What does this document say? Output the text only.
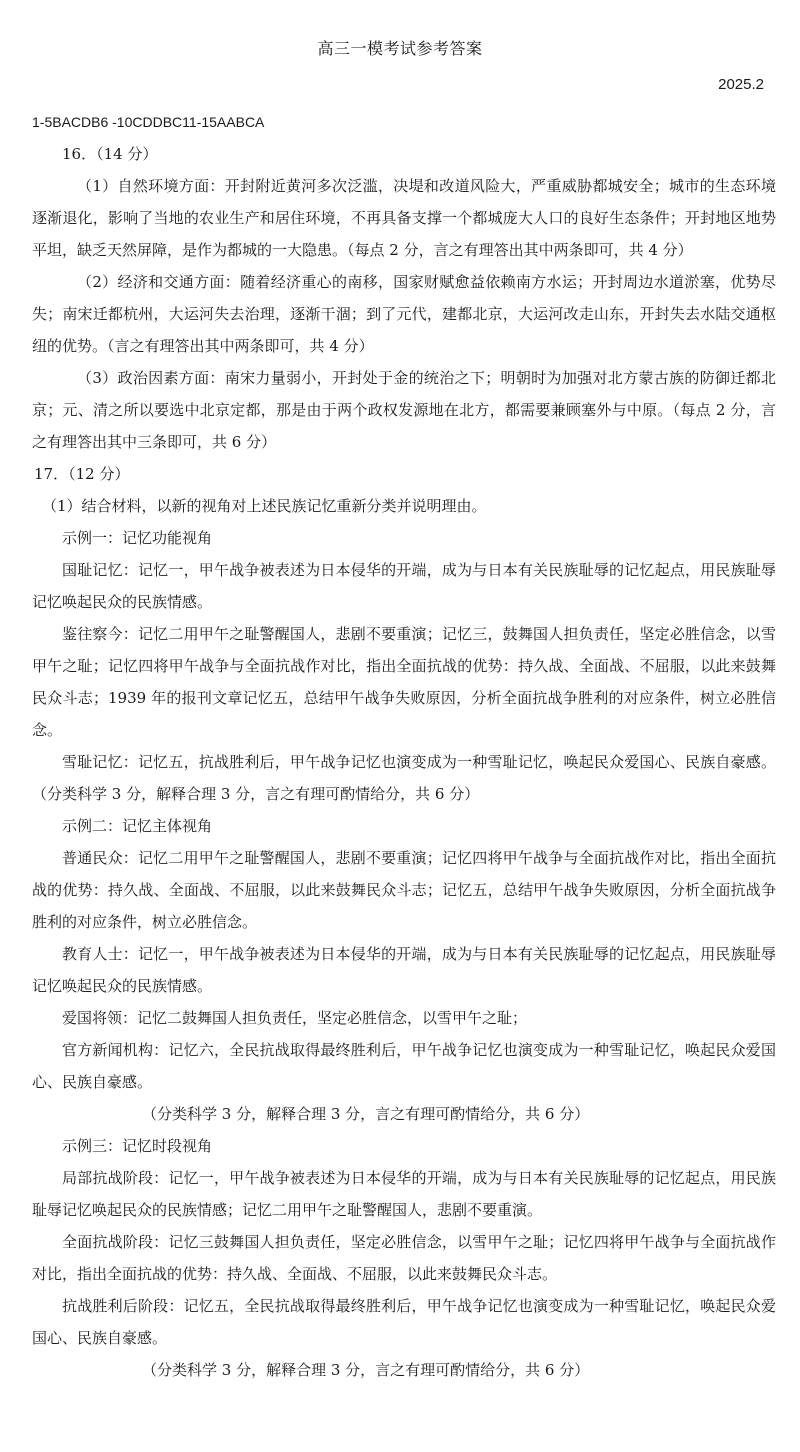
高三一模考试参考答案
2025.2

1-5BACDB6 -10CDDBC11-15AABCA

16．（14 分）

（1）自然环境方面：开封附近黄河多次泛滥，决堤和改道风险大，严重威胁都城安全；城市的生态环境逐渐退化，影响了当地的农业生产和居住环境，不再具备支撑一个都城庞大人口的良好生态条件；开封地区地势平坦，缺乏天然屏障，是作为都城的一大隐患。（每点 2 分，言之有理答出其中两条即可，共 4 分）

（2）经济和交通方面：随着经济重心的南移，国家财赋愈益依赖南方水运；开封周边水道淤塞，优势尽失；南宋迁都杭州，大运河失去治理，逐渐干涸；到了元代，建都北京，大运河改走山东，开封失去水陆交通枢纽的优势。（言之有理答出其中两条即可，共 4 分）

（3）政治因素方面：南宋力量弱小，开封处于金的统治之下；明朝时为加强对北方蒙古族的防御迁都北京；元、清之所以要选中北京定都，那是由于两个政权发源地在北方，都需要兼顾塞外与中原。（每点 2 分，言之有理答出其中三条即可，共 6 分）

17．（12 分）

（1）结合材料，以新的视角对上述民族记忆重新分类并说明理由。

示例一：记忆功能视角

国耻记忆：记忆一，甲午战争被表述为日本侵华的开端，成为与日本有关民族耻辱的记忆起点，用民族耻辱记忆唤起民众的民族情感。

鉴往察今：记忆二用甲午之耻警醒国人，悲剧不要重演；记忆三，鼓舞国人担负责任，坚定必胜信念，以雪甲午之耻；记忆四将甲午战争与全面抗战作对比，指出全面抗战的优势：持久战、全面战、不屈服，以此来鼓舞民众斗志；1939 年的报刊文章记忆五，总结甲午战争失败原因，分析全面抗战争胜利的对应条件，树立必胜信念。

雪耻记忆：记忆五，抗战胜利后，甲午战争记忆也演变成为一种雪耻记忆，唤起民众爱国心、民族自豪感。（分类科学 3 分，解释合理 3 分，言之有理可酌情给分，共 6 分）

示例二：记忆主体视角

普通民众：记忆二用甲午之耻警醒国人，悲剧不要重演；记忆四将甲午战争与全面抗战作对比，指出全面抗战的优势：持久战、全面战、不屈服，以此来鼓舞民众斗志；记忆五，总结甲午战争失败原因，分析全面抗战争胜利的对应条件，树立必胜信念。

教育人士：记忆一，甲午战争被表述为日本侵华的开端，成为与日本有关民族耻辱的记忆起点，用民族耻辱记忆唤起民众的民族情感。

爱国将领：记忆二鼓舞国人担负责任，坚定必胜信念，以雪甲午之耻；

官方新闻机构：记忆六，全民抗战取得最终胜利后，甲午战争记忆也演变成为一种雪耻记忆，唤起民众爱国心、民族自豪感。

（分类科学 3 分，解释合理 3 分，言之有理可酌情给分，共 6 分）

示例三：记忆时段视角

局部抗战阶段：记忆一，甲午战争被表述为日本侵华的开端，成为与日本有关民族耻辱的记忆起点，用民族耻辱记忆唤起民众的民族情感；记忆二用甲午之耻警醒国人，悲剧不要重演。

全面抗战阶段：记忆三鼓舞国人担负责任，坚定必胜信念，以雪甲午之耻；记忆四将甲午战争与全面抗战作对比，指出全面抗战的优势：持久战、全面战、不屈服，以此来鼓舞民众斗志。

抗战胜利后阶段：记忆五，全民抗战取得最终胜利后，甲午战争记忆也演变成为一种雪耻记忆，唤起民众爱国心、民族自豪感。

（分类科学 3 分，解释合理 3 分，言之有理可酌情给分，共 6 分）
